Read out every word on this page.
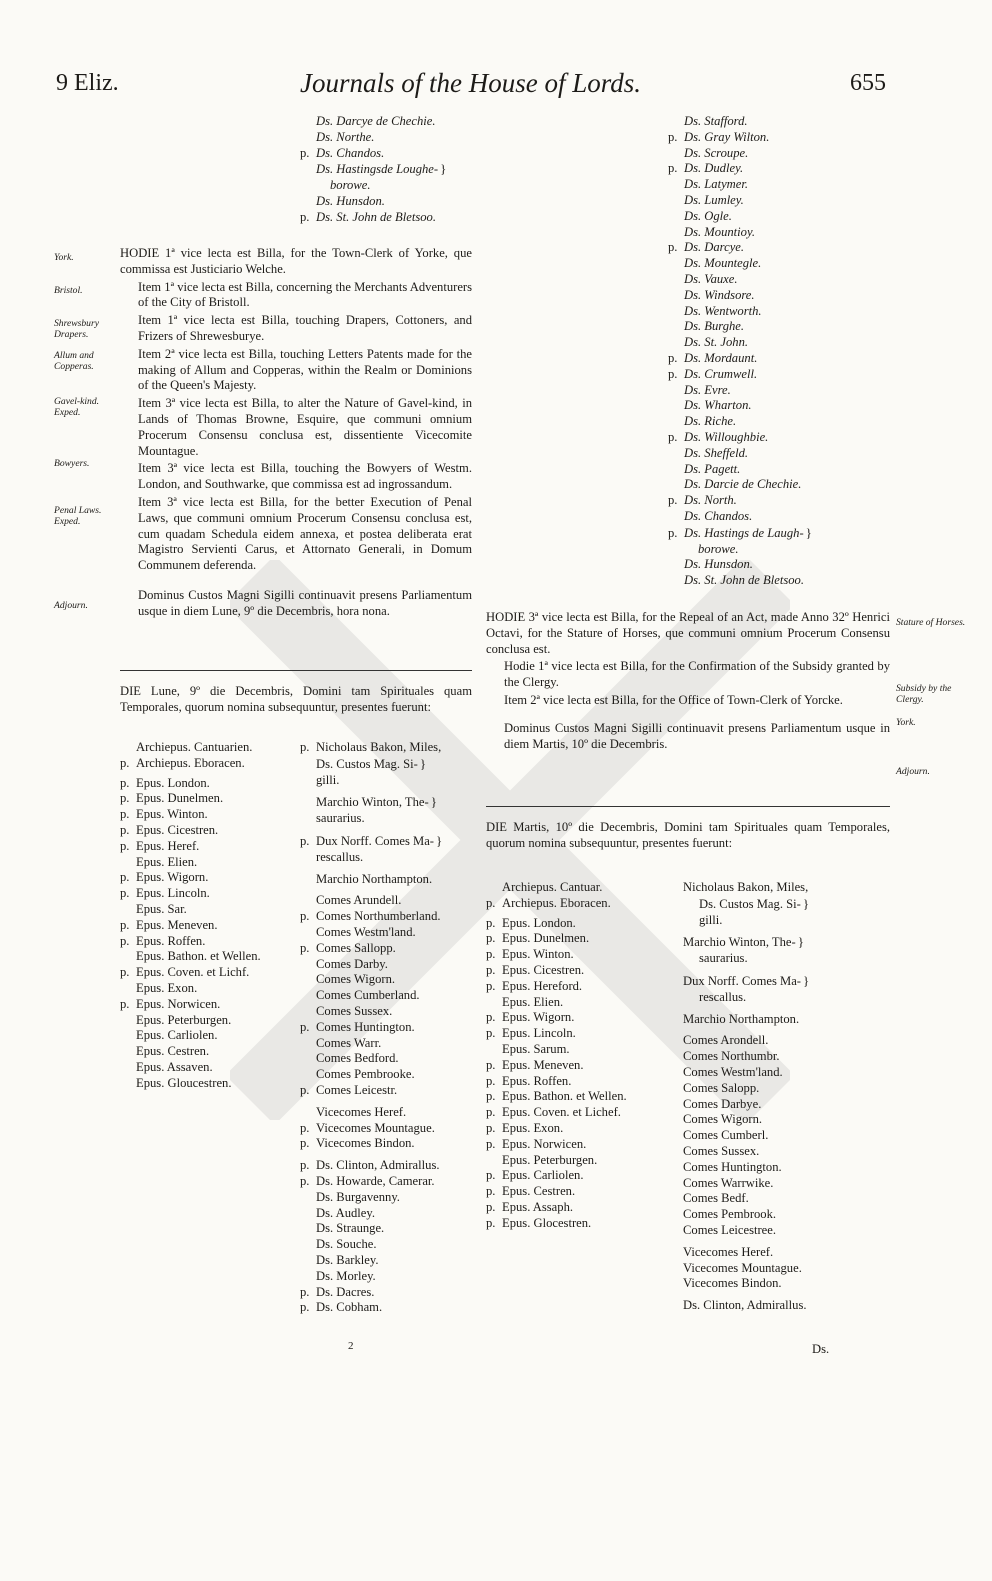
9 Eliz.	Journals of the House of Lords.	655
Ds. Darcye de Chechie.
Ds. Northe.
p. Ds. Chandos.
Ds. Hastingsde Loughe- }
borowe.
Ds. Hunsdon.
p. Ds. St. John de Bletsoo.
York.
Bristol.
Shrewsbury Drapers.
Allum and Copperas.
Gavel-kind. Exped.
Bowyers.
Penal Laws. Exped.
Adjourn.

HODIE 1ª vice lecta est Billa, for the Town-Clerk of Yorke, que commissa est Justiciario Welche.

Item 1ª vice lecta est Billa, concerning the Merchants Adventurers of the City of Bristoll.

Item 1ª vice lecta est Billa, touching Drapers, Cottoners, and Frizers of Shrewesburye.

Item 2ª vice lecta est Billa, touching Letters Patents made for the making of Allum and Copperas, within the Realm or Dominions of the Queen's Majesty.

Item 3ª vice lecta est Billa, to alter the Nature of Gavel-kind, in Lands of Thomas Browne, Esquire, que communi omnium Procerum Consensu conclusa est, dissentiente Vicecomite Mountague.

Item 3ª vice lecta est Billa, touching the Bowyers of Westm. London, and Southwarke, que commissa est ad ingrossandum.

Item 3ª vice lecta est Billa, for the better Execution of Penal Laws, que communi omnium Procerum Consensu conclusa est, cum quadam Schedula eidem annexa, et postea deliberata erat Magistro Servienti Carus, et Attornato Generali, in Domum Communem deferenda.

Dominus Custos Magni Sigilli continuavit presens Parliamentum usque in diem Lune, 9º die Decembris, hora nona.

DIE Lune, 9º die Decembris, Domini tam Spirituales quam Temporales, quorum nomina subsequuntur, presentes fuerunt:
Archiepus. Cantuarien.
p. Archiepus. Eboracen.
p. Epus. London.
p. Epus. Dunelmen.
p. Epus. Winton.
p. Epus. Cicestren.
p. Epus. Heref.
Epus. Elien.
p. Epus. Wigorn.
p. Epus. Lincoln.
Epus. Sar.
p. Epus. Meneven.
p. Epus. Roffen.
Epus. Bathon. et Wellen.
p. Epus. Coven. et Lichf.
Epus. Exon.
p. Epus. Norwicen.
Epus. Peterburgen.
Epus. Carliolen.
Epus. Cestren.
Epus. Assaven.
Epus. Gloucestren.
p. Nicholaus Bakon, Miles,
Ds. Custos Mag. Si- }
gilli.
Marchio Winton, The- }
saurarius.
p. Dux Norff. Comes Ma- }
rescallus.
Marchio Northampton.
Comes Arundell.
p. Comes Northumberland.
Comes Westm'land.
p. Comes Sallopp.
Comes Darby.
Comes Wigorn.
Comes Cumberland.
Comes Sussex.
p. Comes Huntington.
Comes Warr.
Comes Bedford.
Comes Pembrooke.
p. Comes Leicestr.
Vicecomes Heref.
p. Vicecomes Mountague.
p. Vicecomes Bindon.
p. Ds. Clinton, Admirallus.
p. Ds. Howarde, Camerar.
Ds. Burgavenny.
Ds. Audley.
Ds. Straunge.
Ds. Souche.
Ds. Barkley.
Ds. Morley.
p. Ds. Dacres.
p. Ds. Cobham.
2
Ds. Stafford.
p. Ds. Gray Wilton.
Ds. Scroupe.
p. Ds. Dudley.
Ds. Latymer.
Ds. Lumley.
Ds. Ogle.
Ds. Mountioy.
p. Ds. Darcye.
Ds. Mountegle.
Ds. Vauxe.
Ds. Windsore.
Ds. Wentworth.
Ds. Burghe.
Ds. St. John.
p. Ds. Mordaunt.
p. Ds. Crumwell.
Ds. Evre.
Ds. Wharton.
Ds. Riche.
p. Ds. Willoughbie.
Ds. Sheffeld.
Ds. Pagett.
Ds. Darcie de Chechie.
p. Ds. North.
Ds. Chandos.
p. Ds. Hastings de Laugh- }
borowe.
Ds. Hunsdon.
Ds. St. John de Bletsoo.
Stature of Horses.
Subsidy by the Clergy.
York.
Adjourn.

HODIE 3ª vice lecta est Billa, for the Repeal of an Act, made Anno 32º Henrici Octavi, for the Stature of Horses, que communi omnium Procerum Consensu conclusa est.

Hodie 1ª vice lecta est Billa, for the Confirmation of the Subsidy granted by the Clergy.

Item 2ª vice lecta est Billa, for the Office of Town-Clerk of Yorcke.

Dominus Custos Magni Sigilli continuavit presens Parliamentum usque in diem Martis, 10º die Decembris.

DIE Martis, 10º die Decembris, Domini tam Spirituales quam Temporales, quorum nomina subsequuntur, presentes fuerunt:
Archiepus. Cantuar.
p. Archiepus. Eboracen.
p. Epus. London.
p. Epus. Dunelmen.
p. Epus. Winton.
p. Epus. Cicestren.
p. Epus. Hereford.
Epus. Elien.
p. Epus. Wigorn.
p. Epus. Lincoln.
Epus. Sarum.
p. Epus. Meneven.
p. Epus. Roffen.
p. Epus. Bathon. et Wellen.
p. Epus. Coven. et Lichef.
p. Epus. Exon.
p. Epus. Norwicen.
Epus. Peterburgen.
p. Epus. Carliolen.
p. Epus. Cestren.
p. Epus. Assaph.
p. Epus. Glocestren.
Nicholaus Bakon, Miles,
Ds. Custos Mag. Si- }
gilli.
Marchio Winton, The- }
saurarius.
Dux Norff. Comes Ma- }
rescallus.
Marchio Northampton.
Comes Arondell.
Comes Northumbr.
Comes Westm'land.
Comes Salopp.
Comes Darbye.
Comes Wigorn.
Comes Cumberl.
Comes Sussex.
Comes Huntington.
Comes Warrwike.
Comes Bedf.
Comes Pembrook.
Comes Leicestree.
Vicecomes Heref.
Vicecomes Mountague.
Vicecomes Bindon.
Ds. Clinton, Admirallus.
Ds.
